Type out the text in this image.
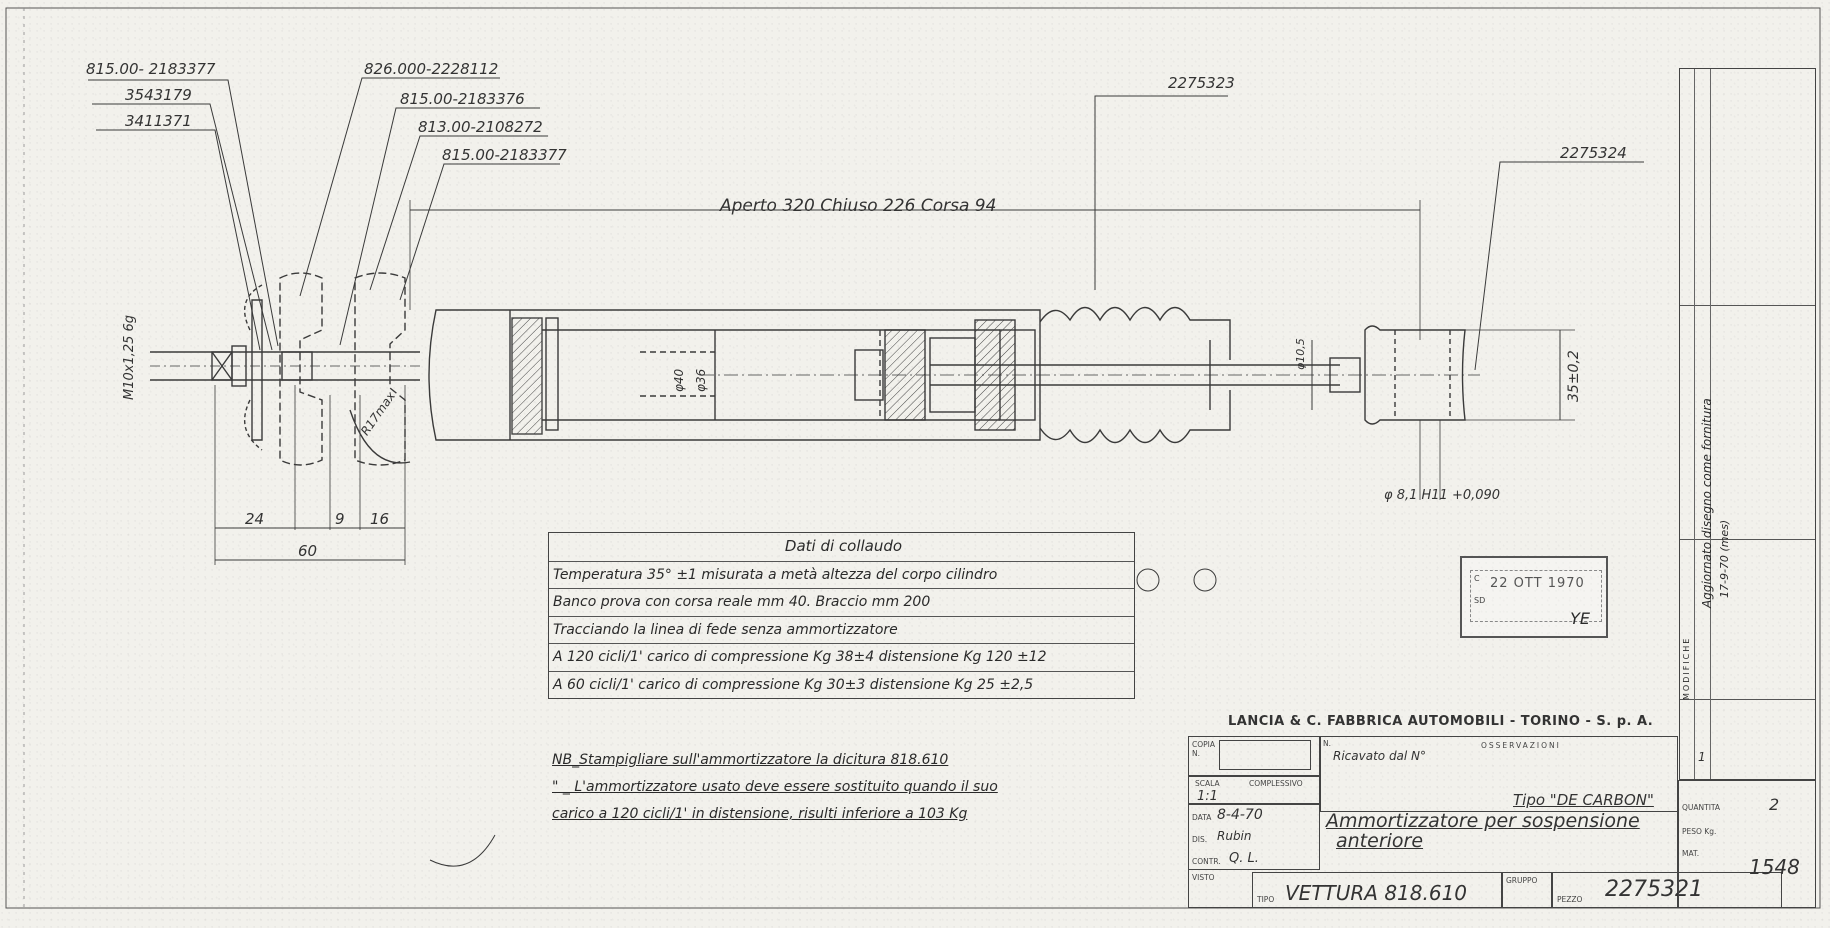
815.00- 2183377
3543179
3411371
826.000-2228112
815.00-2183376
813.00-2108272
815.00-2183377
2275323
2275324
Aperto 320 Chiuso 226 Corsa 94
M10x1,25 6g
R17max
24	9 16
60
φ40 φ36
φ10,5	35±0,2
φ 8,1 H11 +0,090
Dati di collaudo
Temperatura 35° ±1 misurata a metà altezza del corpo cilindro
Banco prova con corsa reale mm 40. Braccio mm 200
Tracciando la linea di fede senza ammortizzatore
A 120 cicli/1' carico di compressione Kg 38±4 distensione Kg 120 ±12
A 60 cicli/1' carico di compressione Kg 30±3 distensione Kg 25 ±2,5
NB_Stampigliare sull'ammortizzatore la dicitura 818.610
" _ L'ammortizzatore usato deve essere sostituito quando il suo
carico a 120 cicli/1' in distensione, risulti inferiore a 103 Kg
C
SD
22 OTT 1970
YE
LANCIA & C. FABBRICA AUTOMOBILI - TORINO - S. p. A.
COPIA N.
SCALA	COMPLESSIVO
1:1
DATA 8-4-70
DIS. Rubin
CONTR. Q. L.
VISTO
N.	OSSERVAZIONI
Ricavato dal N°
Tipo "DE CARBON"
Ammortizzatore per sospensione
anteriore
TIPO VETTURA 818.610
GRUPPO
PEZZO 2275321
QUANTITA	2
PESO Kg.
MAT.
1548
MODIFICHE
1
Aggiornato disegno come fornitura 17-9-70 (mes)
